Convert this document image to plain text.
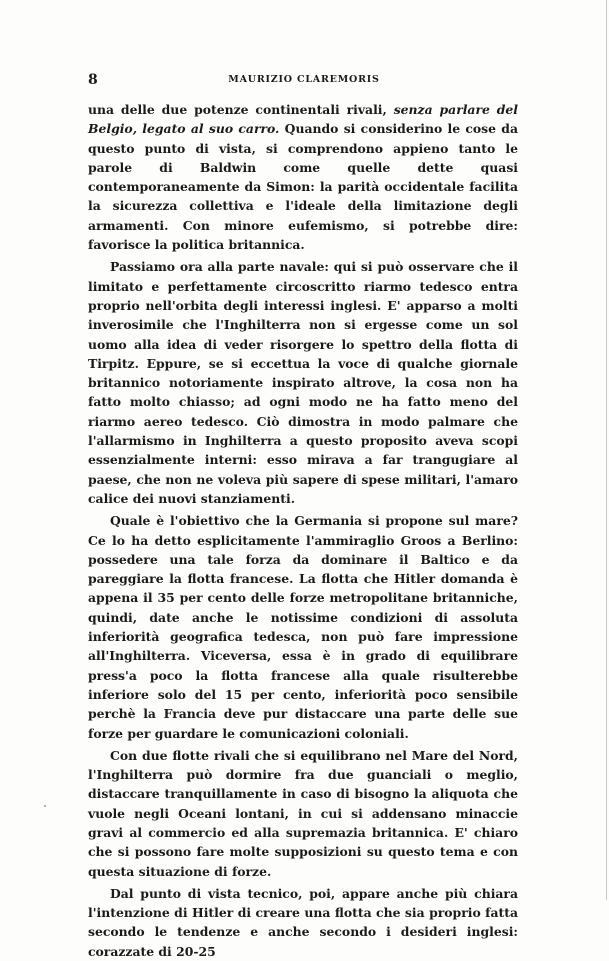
8	MAURIZIO CLAREMORIS

una delle due potenze continentali rivali, senza parlare del Belgio, legato al suo carro. Quando si considerino le cose da questo punto di vista, si comprendono appieno tanto le parole di Baldwin come quelle dette quasi contemporaneamente da Simon: la parità occidentale facilita la sicurezza collettiva e l'ideale della limitazione degli armamenti. Con minore eufemismo, si potrebbe dire: favorisce la politica britannica.

Passiamo ora alla parte navale: qui si può osservare che il limitato e perfettamente circoscritto riarmo tedesco entra proprio nell'orbita degli interessi inglesi. E' apparso a molti inverosimile che l'Inghilterra non si ergesse come un sol uomo alla idea di veder risorgere lo spettro della flotta di Tirpitz. Eppure, se si eccettua la voce di qualche giornale britannico notoriamente inspirato altrove, la cosa non ha fatto molto chiasso; ad ogni modo ne ha fatto meno del riarmo aereo tedesco. Ciò dimostra in modo palmare che l'allarmismo in Inghilterra a questo proposito aveva scopi essenzialmente interni: esso mirava a far trangugiare al paese, che non ne voleva più sapere di spese militari, l'amaro calice dei nuovi stanziamenti.

Quale è l'obiettivo che la Germania si propone sul mare? Ce lo ha detto esplicitamente l'ammiraglio Groos a Berlino: possedere una tale forza da dominare il Baltico e da pareggiare la flotta francese. La flotta che Hitler domanda è appena il 35 per cento delle forze metropolitane britanniche, quindi, date anche le notissime condizioni di assoluta inferiorità geografica tedesca, non può fare impressione all'Inghilterra. Viceversa, essa è in grado di equilibrare press'a poco la flotta francese alla quale risulterebbe inferiore solo del 15 per cento, inferiorità poco sensibile perchè la Francia deve pur distaccare una parte delle sue forze per guardare le comunicazioni coloniali.

Con due flotte rivali che si equilibrano nel Mare del Nord, l'Inghilterra può dormire fra due guanciali o meglio, distaccare tranquillamente in caso di bisogno la aliquota che vuole negli Oceani lontani, in cui si addensano minaccie gravi al commercio ed alla supremazia britannica. E' chiaro che si possono fare molte supposizioni su questo tema e con questa situazione di forze.

Dal punto di vista tecnico, poi, appare anche più chiara l'intenzione di Hitler di creare una flotta che sia proprio fatta secondo le tendenze e anche secondo i desideri inglesi: corazzate di 20-25
